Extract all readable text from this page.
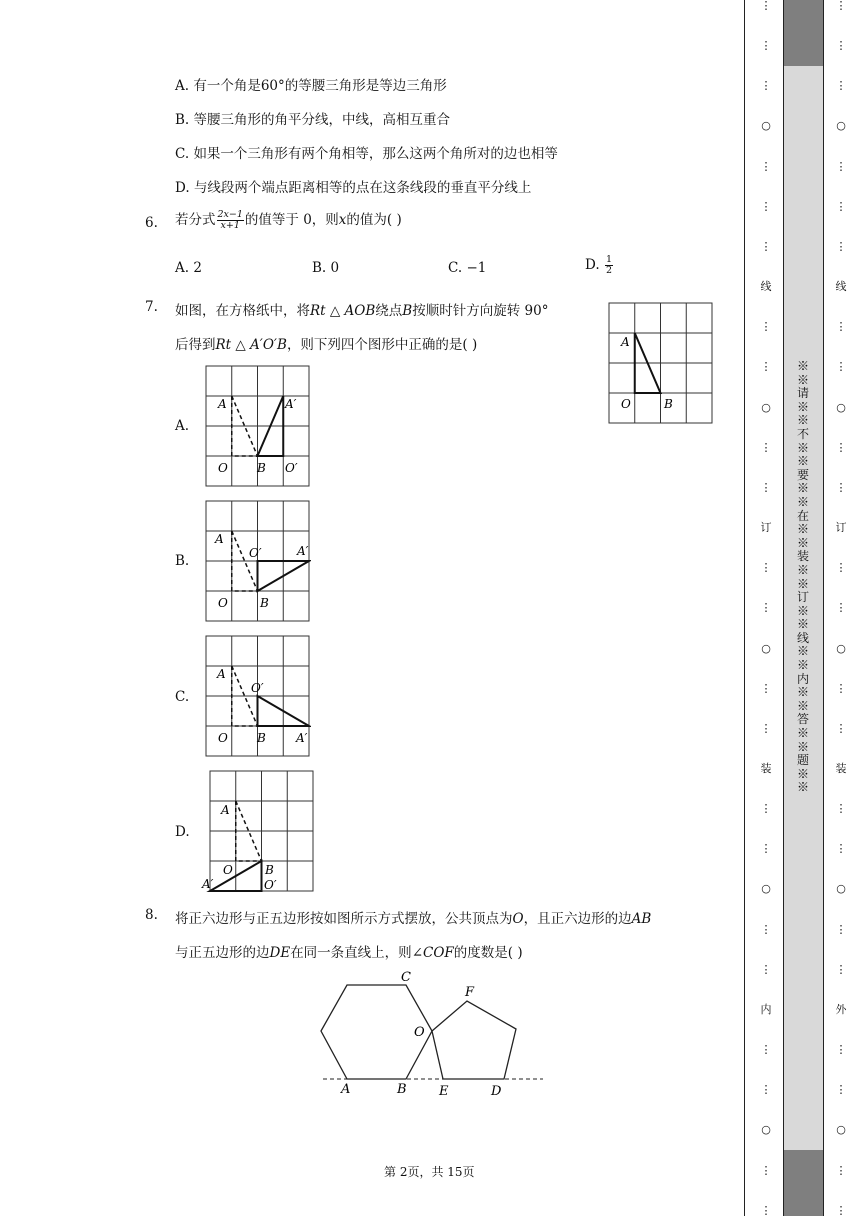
A. 有一个角是60°的等腰三角形是等边三角形
B. 等腰三角形的角平分线，中线，高相互重合
C. 如果一个三角形有两个角相等，那么这两个角所对的边也相等
D. 与线段两个端点距离相等的点在这条线段的垂直平分线上
6. 若分式 $\frac{2x-1}{x+1}$ 的值等于 0，则x的值为( )
A. 2	B. 0	C. −1	D. $\frac{1}{2}$
7. 如图，在方格纸中，将Rt △ AOB绕点B按顺时针方向旋转 90°
后得到Rt △ A′O′B，则下列四个图形中正确的是( )	A
O	B
A.
A	A′
O B O′
B.
A
O′	A′
O	B
C.
A
O′
O B	A′
D.
A
O	B
A′	O′
8. 将正六边形与正五边形按如图所示方式摆放，公共顶点为O，且正六边形的边AB
与正五边形的边DE在同一条直线上，则∠COF的度数是( )
C
F
O
A	B E	D
第 2页，共 15页
⋮
⋮
⋮
○
⋮
⋮
⋮
线
⋮
⋮
○
⋮
⋮
订
⋮
⋮
○
⋮
⋮
装
⋮
⋮
○
⋮
⋮
内
⋮
⋮
○
⋮
⋮
※※请※※不※※要※※在※※装※※订※※线※※内※※答※※题※※
⋮
⋮
⋮
○
⋮
⋮
⋮
线
⋮
⋮
○
⋮
⋮
订
⋮
⋮
○
⋮
⋮
装
⋮
⋮
○
⋮
⋮
外
⋮
⋮
○
⋮
⋮
